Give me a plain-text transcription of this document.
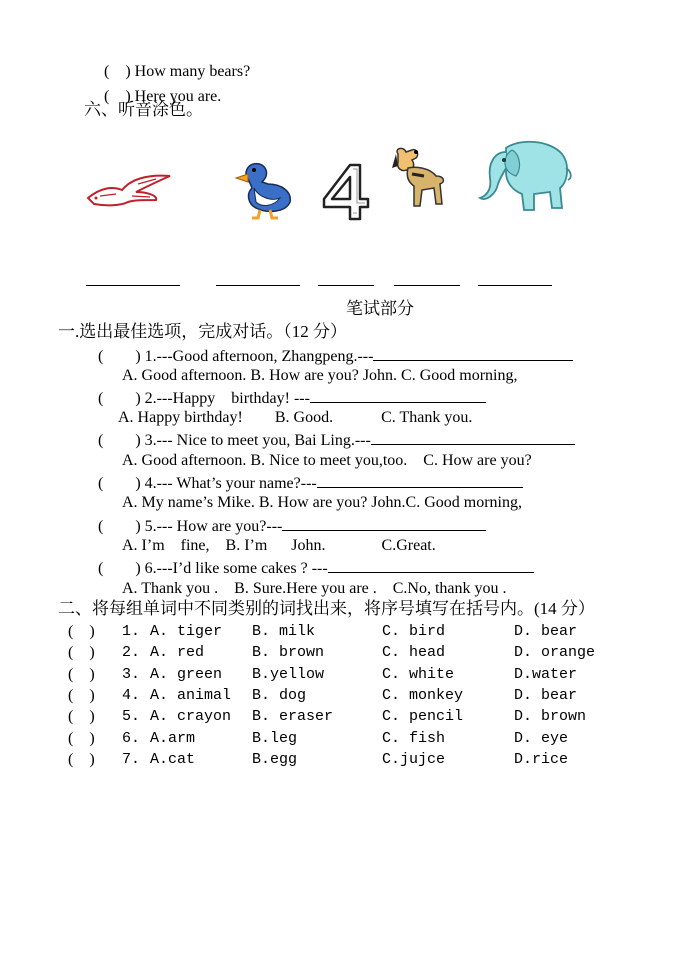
(    ) How many bears?

(    ) Here you are.

六、听音涂色。
笔试部分
一.选出最佳选项，完成对话。（12 分）
(        ) 1.---Good afternoon, Zhangpeng.---
A. Good afternoon. B. How are you? John. C. Good morning,
(        ) 2.---Happy    birthday! ---
A. Happy birthday!        B. Good.            C. Thank you.
(        ) 3.--- Nice to meet you, Bai Ling.---
A. Good afternoon. B. Nice to meet you,too.    C. How are you?
(        ) 4.--- What’s your name?---
A. My name’s Mike. B. How are you? John.C. Good morning,
(        ) 5.--- How are you?---
A. I’m    fine,    B. I’m      John.              C.Great.
(        ) 6.---I’d like some cakes ? ---
A. Thank you .    B. Sure.Here you are .    C.No, thank you .
二、将每组单词中不同类别的词找出来，将序号填写在括号内。(14 分）
(    ) 1. A. tiger B. milk	C. bird	D. bear
(    ) 2. A. red	B. brown	C. head	D. orange
(    ) 3. A. green B.yellow	C. white	D.water
(    ) 4. A. animal B. dog	C. monkey	D. bear
(    ) 5. A. crayon B. eraser	C. pencil	D. brown
(    ) 6. A.arm	B.leg	C. fish	D. eye
(    ) 7. A.cat	B.egg	C.jujce	D.rice
